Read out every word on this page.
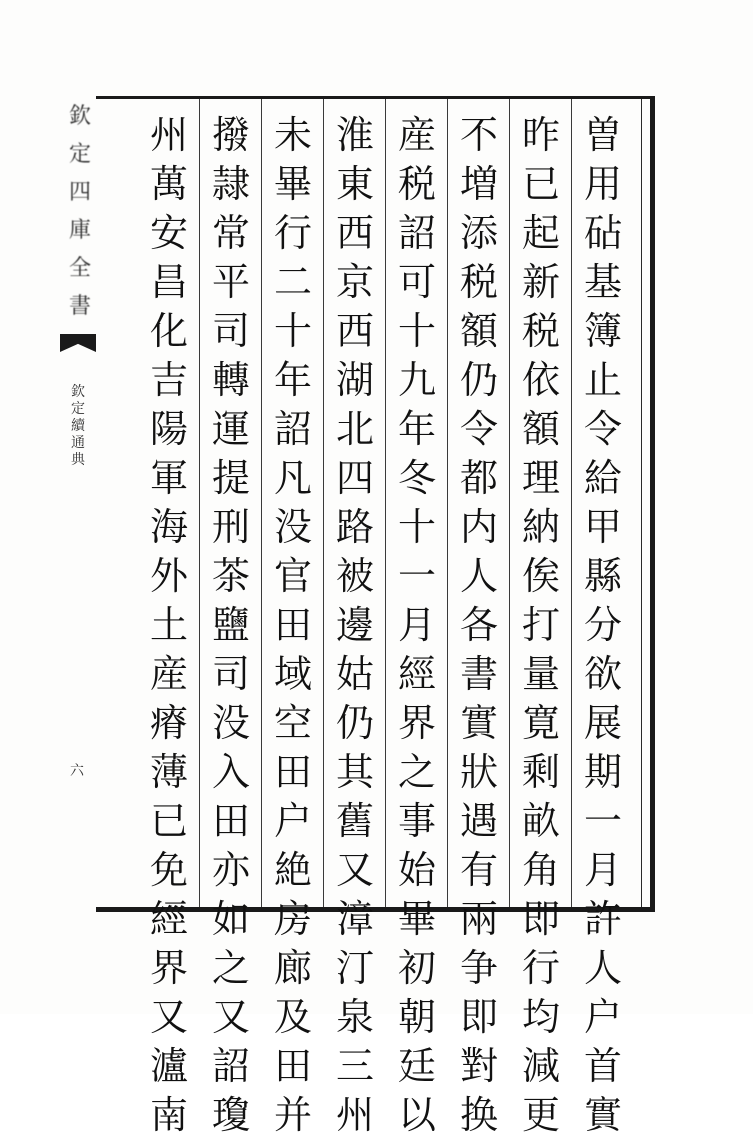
欽
定
四
庫
全
書
欽
定
續
通
典
六
曽
用
砧
基
簿
止
令
給
甲
縣
分
欲
展
期
一
月
許
人
户
首
實
昨
已
起
新
税
依
額
理
納
俟
打
量
寛
剩
畝
角
即
行
均
減
更
不
増
添
税
額
仍
令
都
内
人
各
書
實
狀
遇
有
兩
争
即
對
换
産
税
詔
可
十
九
年
冬
十
一
月
經
界
之
事
始
畢
初
朝
廷
以
淮
東
西
京
西
湖
北
四
路
被
邊
姑
仍
其
舊
又
漳
汀
泉
三
州
未
畢
行
二
十
年
詔
凡
没
官
田
域
空
田
户
絶
房
廊
及
田
并
撥
隷
常
平
司
轉
運
提
刑
茶
鹽
司
没
入
田
亦
如
之
又
詔
瓊
州
萬
安
昌
化
吉
陽
軍
海
外
土
産
瘠
薄
已
免
經
界
又
瀘
南
